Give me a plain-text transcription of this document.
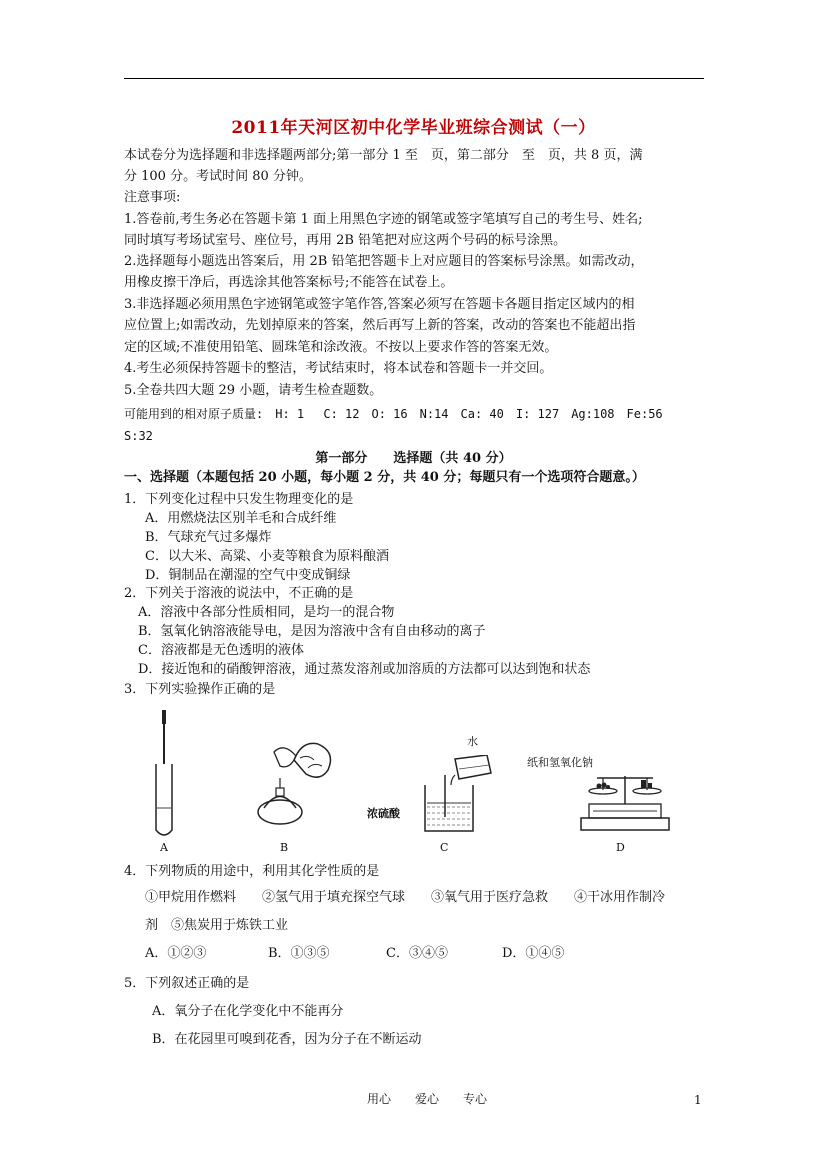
2011年天河区初中化学毕业班综合测试（一）
本试卷分为选择题和非选择题两部分;第一部分 1 至　页，第二部分　至　页，共 8 页，满
分 100 分。考试时间 80 分钟。
注意事项:
1.答卷前,考生务必在答题卡第 1 面上用黑色字迹的钢笔或签字笔填写自己的考生号、姓名;
同时填写考场试室号、座位号，再用 2B 铅笔把对应这两个号码的标号涂黑。
2.选择题每小题选出答案后，用 2B 铅笔把答题卡上对应题目的答案标号涂黑。如需改动，
用橡皮擦干净后，再选涂其他答案标号;不能答在试卷上。
3.非选择题必须用黑色字迹钢笔或签字笔作答,答案必须写在答题卡各题目指定区域内的相
应位置上;如需改动，先划掉原来的答案，然后再写上新的答案，改动的答案也不能超出指
定的区域;不准使用铅笔、圆珠笔和涂改液。不按以上要求作答的答案无效。
4.考生必须保持答题卡的整洁，考试结束时，将本试卷和答题卡一并交回。
5.全卷共四大题 29 小题，请考生检查题数。
可能用到的相对原子质量:　H: 1　 C: 12　O: 16　N:14　Ca: 40　I: 127　Ag:108　Fe:56
S:32
第一部分　　选择题（共 40 分）
一、选择题（本题包括 20 小题，每小题 2 分，共 40 分；每题只有一个选项符合题意。）
1．下列变化过程中只发生物理变化的是
A．用燃烧法区别羊毛和合成纤维
B．气球充气过多爆炸
C．以大米、高粱、小麦等粮食为原料酿酒
D．铜制品在潮湿的空气中变成铜绿
2．下列关于溶液的说法中，不正确的是
A．溶液中各部分性质相同，是均一的混合物
B．氢氧化钠溶液能导电，是因为溶液中含有自由移动的离子
C．溶液都是无色透明的液体
D．接近饱和的硝酸钾溶液，通过蒸发溶剂或加溶质的方法都可以达到饱和状态
3．下列实验操作正确的是
水
浓硫酸
纸和氢氧化钠
A	B	C	D
4．下列物质的用途中，利用其化学性质的是
①甲烷用作燃料　　②氢气用于填充探空气球　　③氧气用于医疗急救　　④干冰用作制冷
剂　⑤焦炭用于炼铁工业
A．①②③	B．①③⑤	C．③④⑤	D．①④⑤
5．下列叙述正确的是
A．氧分子在化学变化中不能再分
B．在花园里可嗅到花香，因为分子在不断运动
用心　　爱心　　专心	1
